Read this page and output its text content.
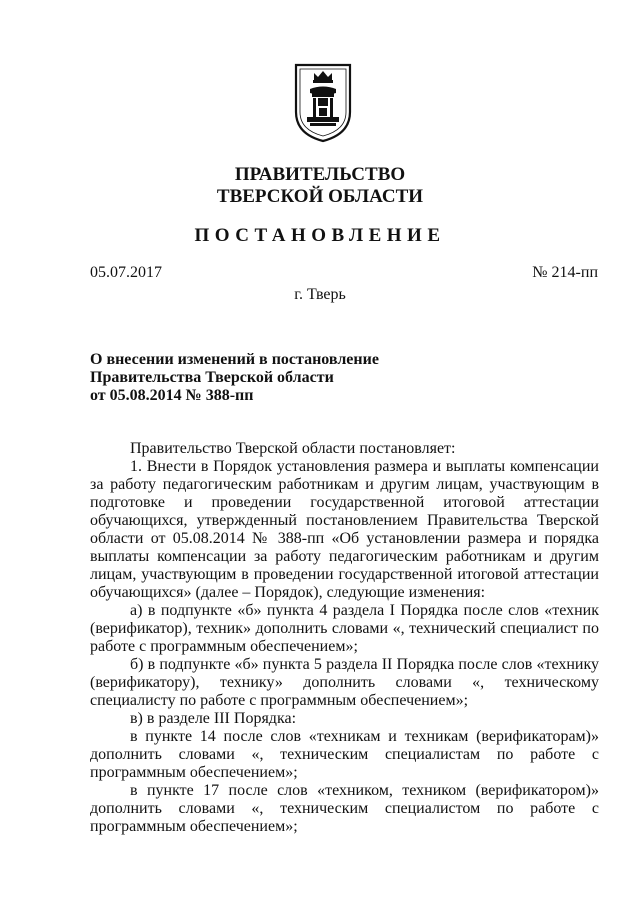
ПРАВИТЕЛЬСТВО
ТВЕРСКОЙ ОБЛАСТИ
ПОСТАНОВЛЕНИЕ
05.07.2017	№ 214-пп
г. Тверь
О внесении изменений в постановление
Правительства Тверской области
от 05.08.2014 № 388-пп

Правительство Тверской области постановляет:

1. Внести в Порядок установления размера и выплаты компенсации за работу педагогическим работникам и другим лицам, участвующим в подготовке и проведении государственной итоговой аттестации обучающихся, утвержденный постановлением Правительства Тверской области от 05.08.2014 № 388-пп «Об установлении размера и порядка выплаты компенсации за работу педагогическим работникам и другим лицам, участвующим в проведении государственной итоговой аттестации обучающихся» (далее – Порядок), следующие изменения:

а) в подпункте «б» пункта 4 раздела I Порядка после слов «техник (верификатор), техник» дополнить словами «, технический специалист по работе с программным обеспечением»;

б) в подпункте «б» пункта 5 раздела II Порядка после слов «технику (верификатору), технику» дополнить словами «, техническому специалисту по работе с программным обеспечением»;

в) в разделе III Порядка:

в пункте 14 после слов «техникам и техникам (верификаторам)» дополнить словами «, техническим специалистам по работе с программным обеспечением»;

в пункте 17 после слов «техником, техником (верификатором)» дополнить словами «, техническим специалистом по работе с программным обеспечением»;
